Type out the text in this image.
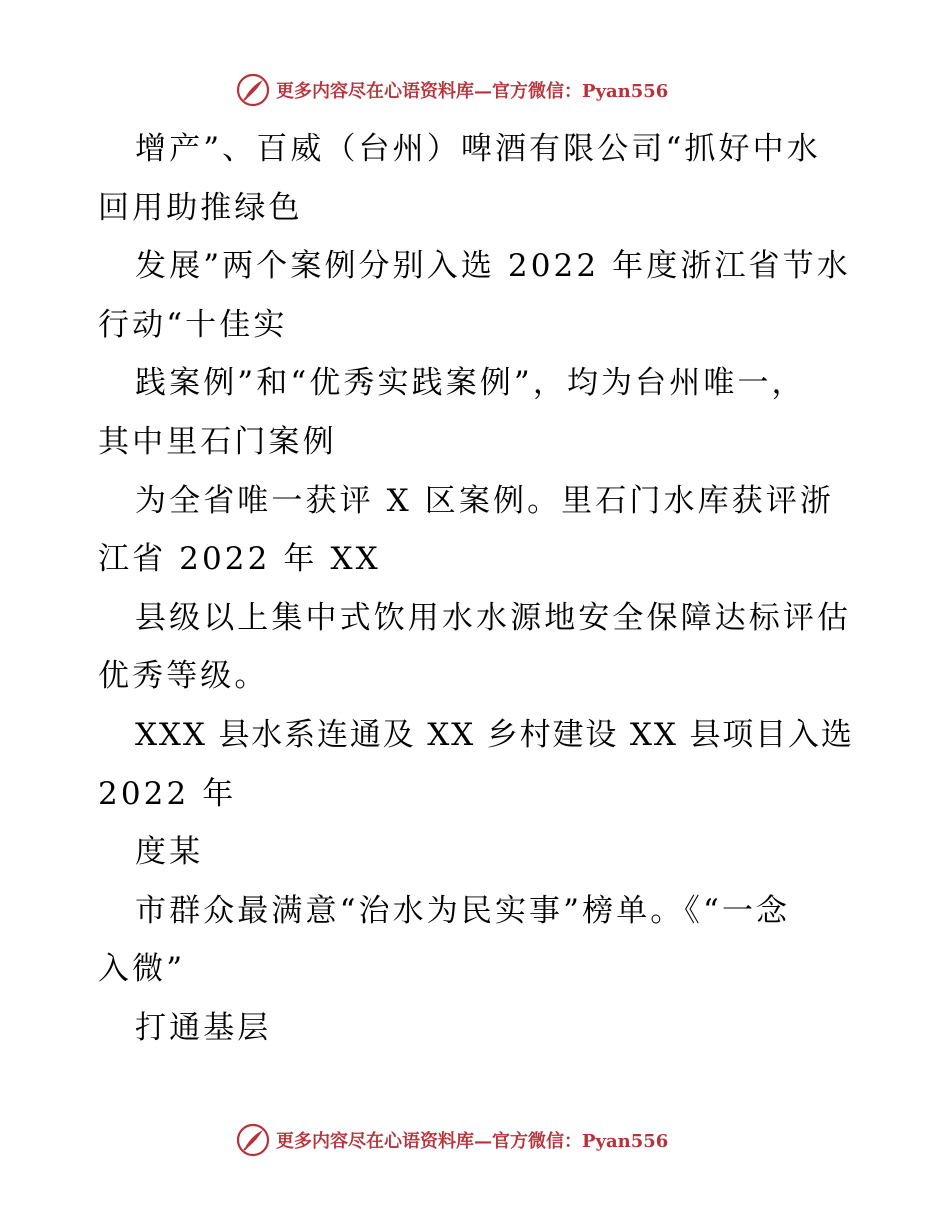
更多内容尽在心语资料库—官方微信：Pyan556
增产”、百威（台州）啤酒有限公司“抓好中水
回用助推绿色
发展”两个案例分别入选 2022 年度浙江省节水
行动“十佳实
践案例”和“优秀实践案例”，均为台州唯一，
其中里石门案例
为全省唯一获评 X 区案例。里石门水库获评浙
江省 2022 年 XX
县级以上集中式饮用水水源地安全保障达标评估
优秀等级。
XXX 县水系连通及 XX 乡村建设 XX 县项目入选
2022 年
度某
市群众最满意“治水为民实事”榜单。《“一念
入微”
打通基层
更多内容尽在心语资料库—官方微信：Pyan556
